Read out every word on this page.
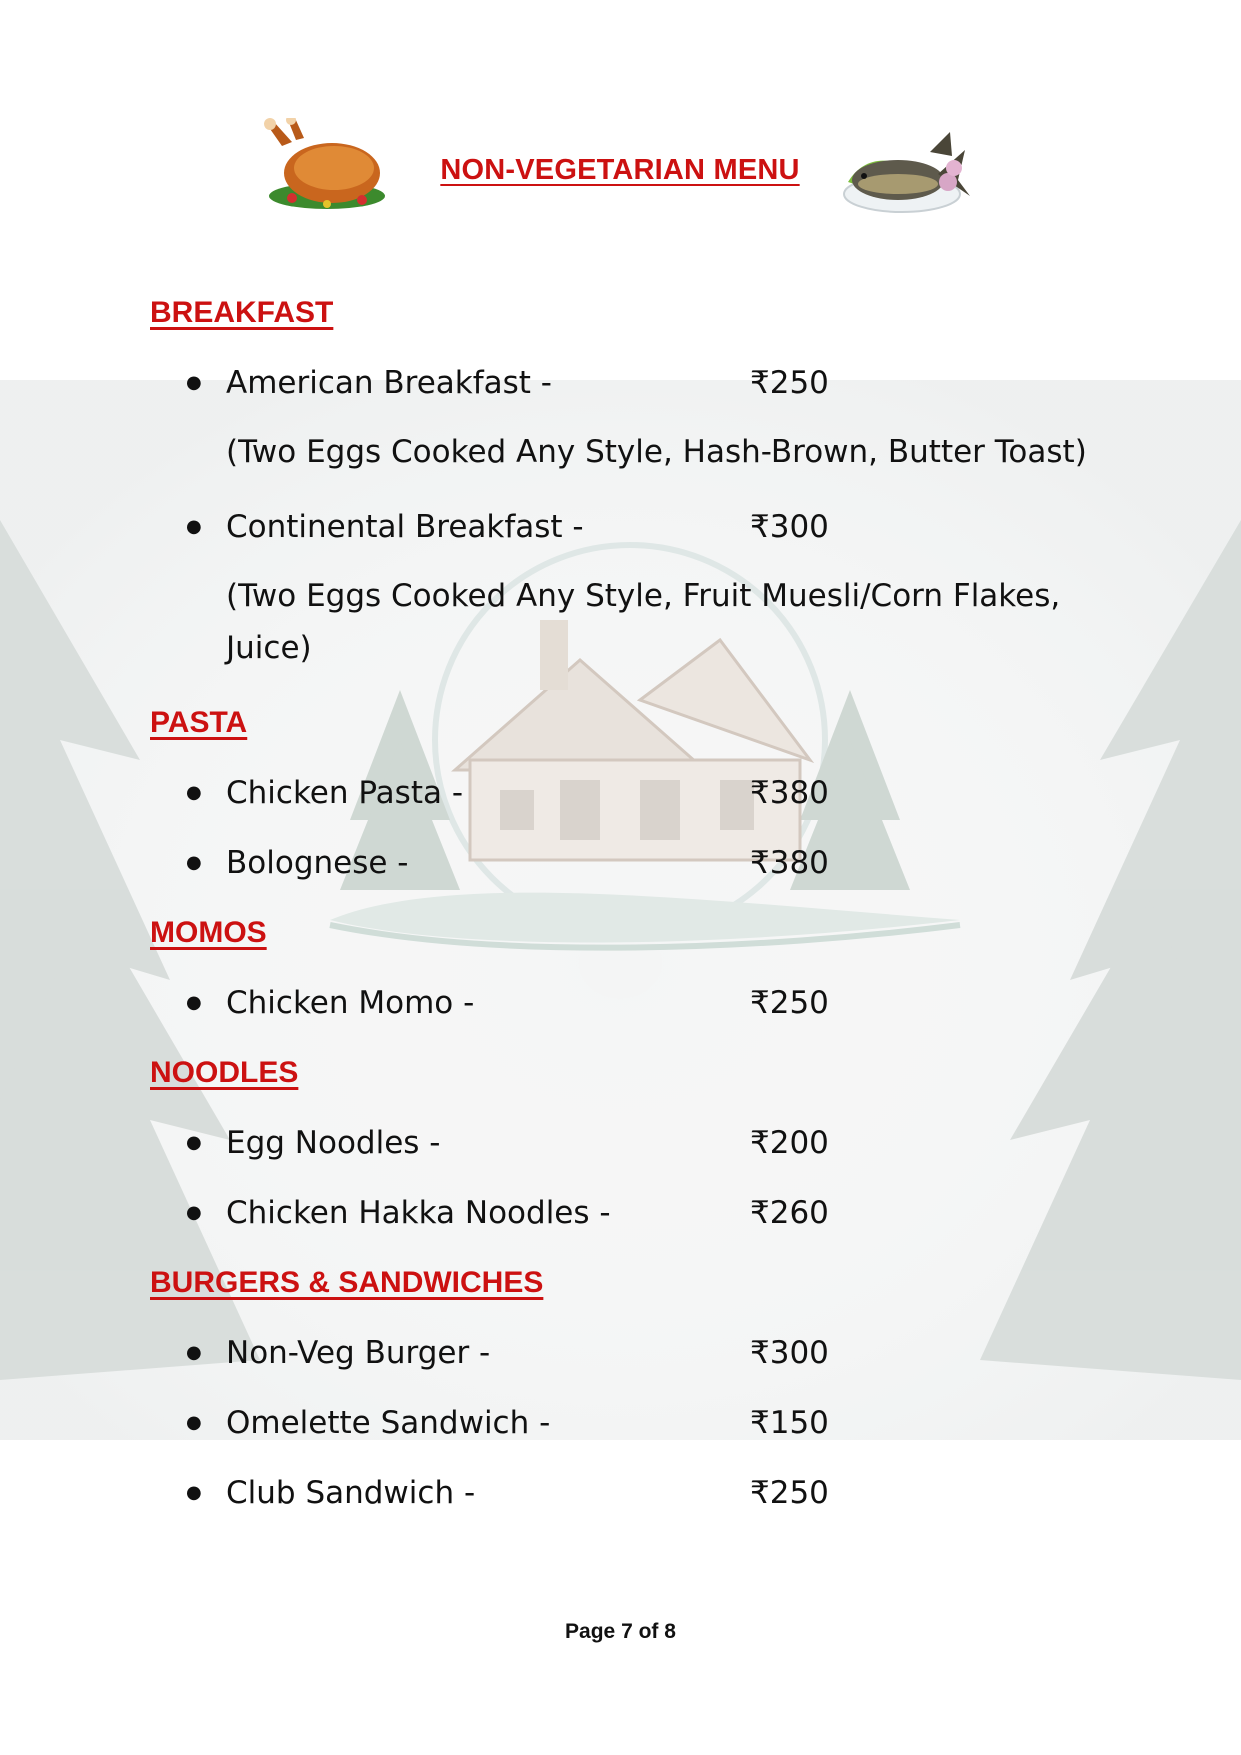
NON-VEGETARIAN MENU
BREAKFAST
● American Breakfast -	₹250
(Two Eggs Cooked Any Style, Hash-Brown, Butter Toast)
● Continental Breakfast -	₹300
(Two Eggs Cooked Any Style, Fruit Muesli/Corn Flakes, Juice)
PASTA
● Chicken Pasta -	₹380
● Bolognese -	₹380
MOMOS
● Chicken Momo -	₹250
NOODLES
● Egg Noodles -	₹200
● Chicken Hakka Noodles -	₹260
BURGERS & SANDWICHES
● Non-Veg Burger -	₹300
● Omelette Sandwich -	₹150
● Club Sandwich -	₹250
Page 7 of 8
